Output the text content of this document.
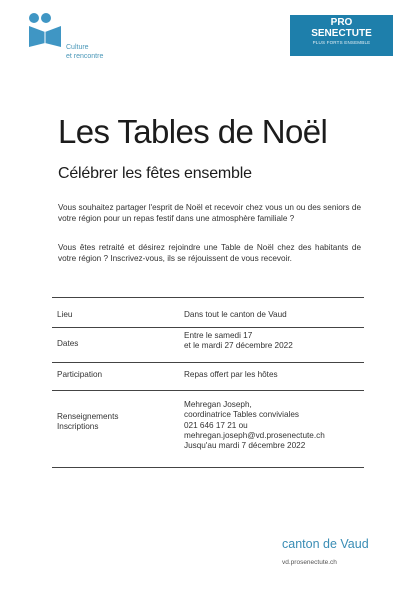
Culture
et rencontre
PRO
SENECTUTE
PLUS FORTS ENSEMBLE
Les Tables de Noël
Célébrer les fêtes ensemble
Vous souhaitez partager l'esprit de Noël et recevoir chez vous un ou des seniors de votre région pour un repas festif dans une atmosphère familiale ?
Vous êtes retraité et désirez rejoindre une Table de Noël chez des habitants de votre région ? Inscrivez-vous, ils se réjouissent de vous recevoir.
Lieu	Dans tout le canton de Vaud
Dates
Entre le samedi 17
et le mardi 27 décembre 2022
Participation	Repas offert par les hôtes
Renseignements
Inscriptions
Mehregan Joseph,
coordinatrice Tables conviviales
021 646 17 21 ou
mehregan.joseph@vd.prosenectute.ch
Jusqu'au mardi 7 décembre 2022
canton de Vaud
vd.prosenectute.ch
